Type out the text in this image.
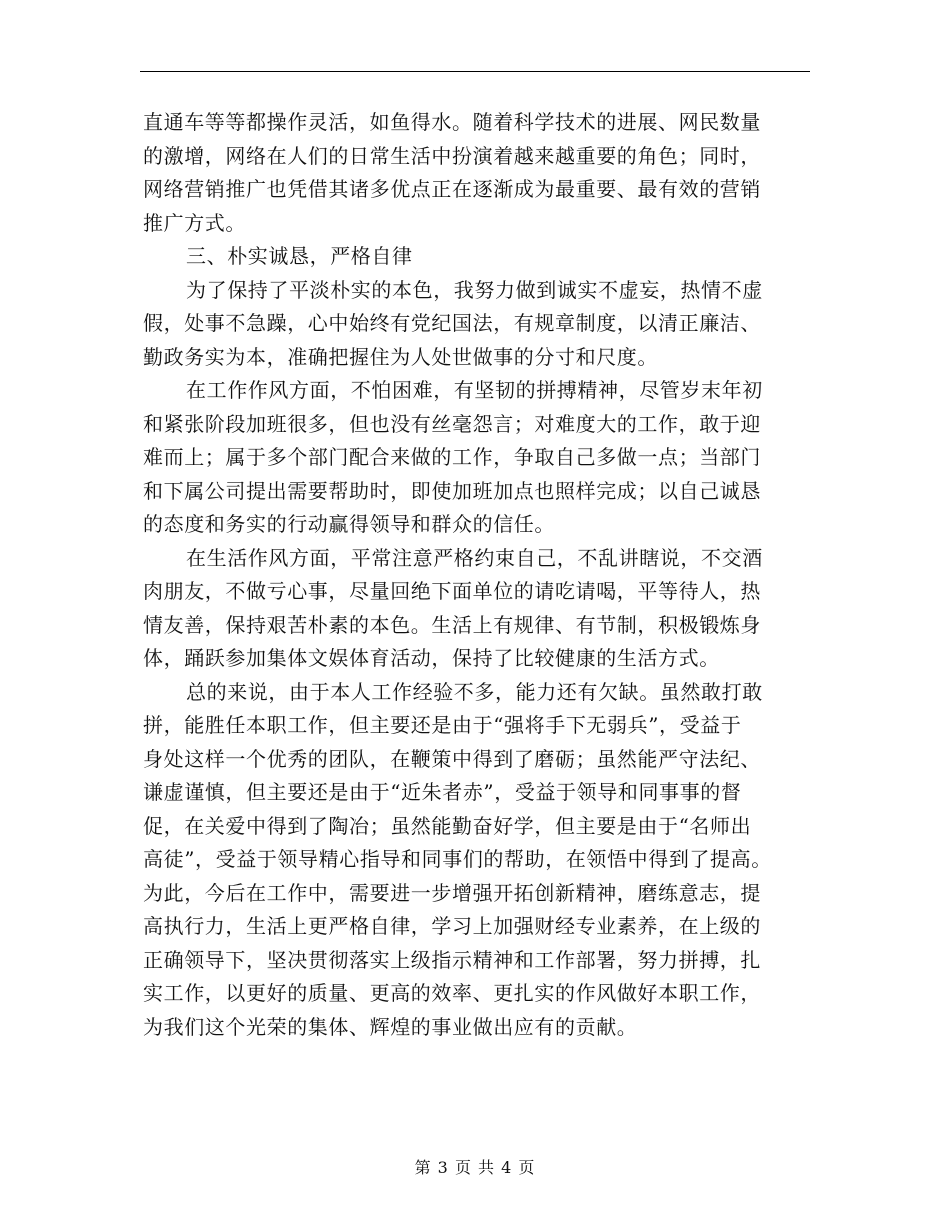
直通车等等都操作灵活，如鱼得水。随着科学技术的进展、网民数量
的激增，网络在人们的日常生活中扮演着越来越重要的角色；同时，
网络营销推广也凭借其诸多优点正在逐渐成为最重要、最有效的营销
推广方式。
三、朴实诚恳，严格自律
为了保持了平淡朴实的本色，我努力做到诚实不虚妄，热情不虚
假，处事不急躁，心中始终有党纪国法，有规章制度，以清正廉洁、
勤政务实为本，准确把握住为人处世做事的分寸和尺度。
在工作作风方面，不怕困难，有坚韧的拼搏精神，尽管岁末年初
和紧张阶段加班很多，但也没有丝毫怨言；对难度大的工作，敢于迎
难而上；属于多个部门配合来做的工作，争取自己多做一点；当部门
和下属公司提出需要帮助时，即使加班加点也照样完成；以自己诚恳
的态度和务实的行动赢得领导和群众的信任。
在生活作风方面，平常注意严格约束自己，不乱讲瞎说，不交酒
肉朋友，不做亏心事，尽量回绝下面单位的请吃请喝，平等待人，热
情友善，保持艰苦朴素的本色。生活上有规律、有节制，积极锻炼身
体，踊跃参加集体文娱体育活动，保持了比较健康的生活方式。
总的来说，由于本人工作经验不多，能力还有欠缺。虽然敢打敢
拼，能胜任本职工作，但主要还是由于“强将手下无弱兵”，受益于
身处这样一个优秀的团队，在鞭策中得到了磨砺；虽然能严守法纪、
谦虚谨慎，但主要还是由于“近朱者赤”，受益于领导和同事事的督
促，在关爱中得到了陶冶；虽然能勤奋好学，但主要是由于“名师出
高徒”，受益于领导精心指导和同事们的帮助，在领悟中得到了提高。
为此，今后在工作中，需要进一步增强开拓创新精神，磨练意志，提
高执行力，生活上更严格自律，学习上加强财经专业素养，在上级的
正确领导下，坚决贯彻落实上级指示精神和工作部署，努力拼搏，扎
实工作，以更好的质量、更高的效率、更扎实的作风做好本职工作，
为我们这个光荣的集体、辉煌的事业做出应有的贡献。
第 3 页 共 4 页
